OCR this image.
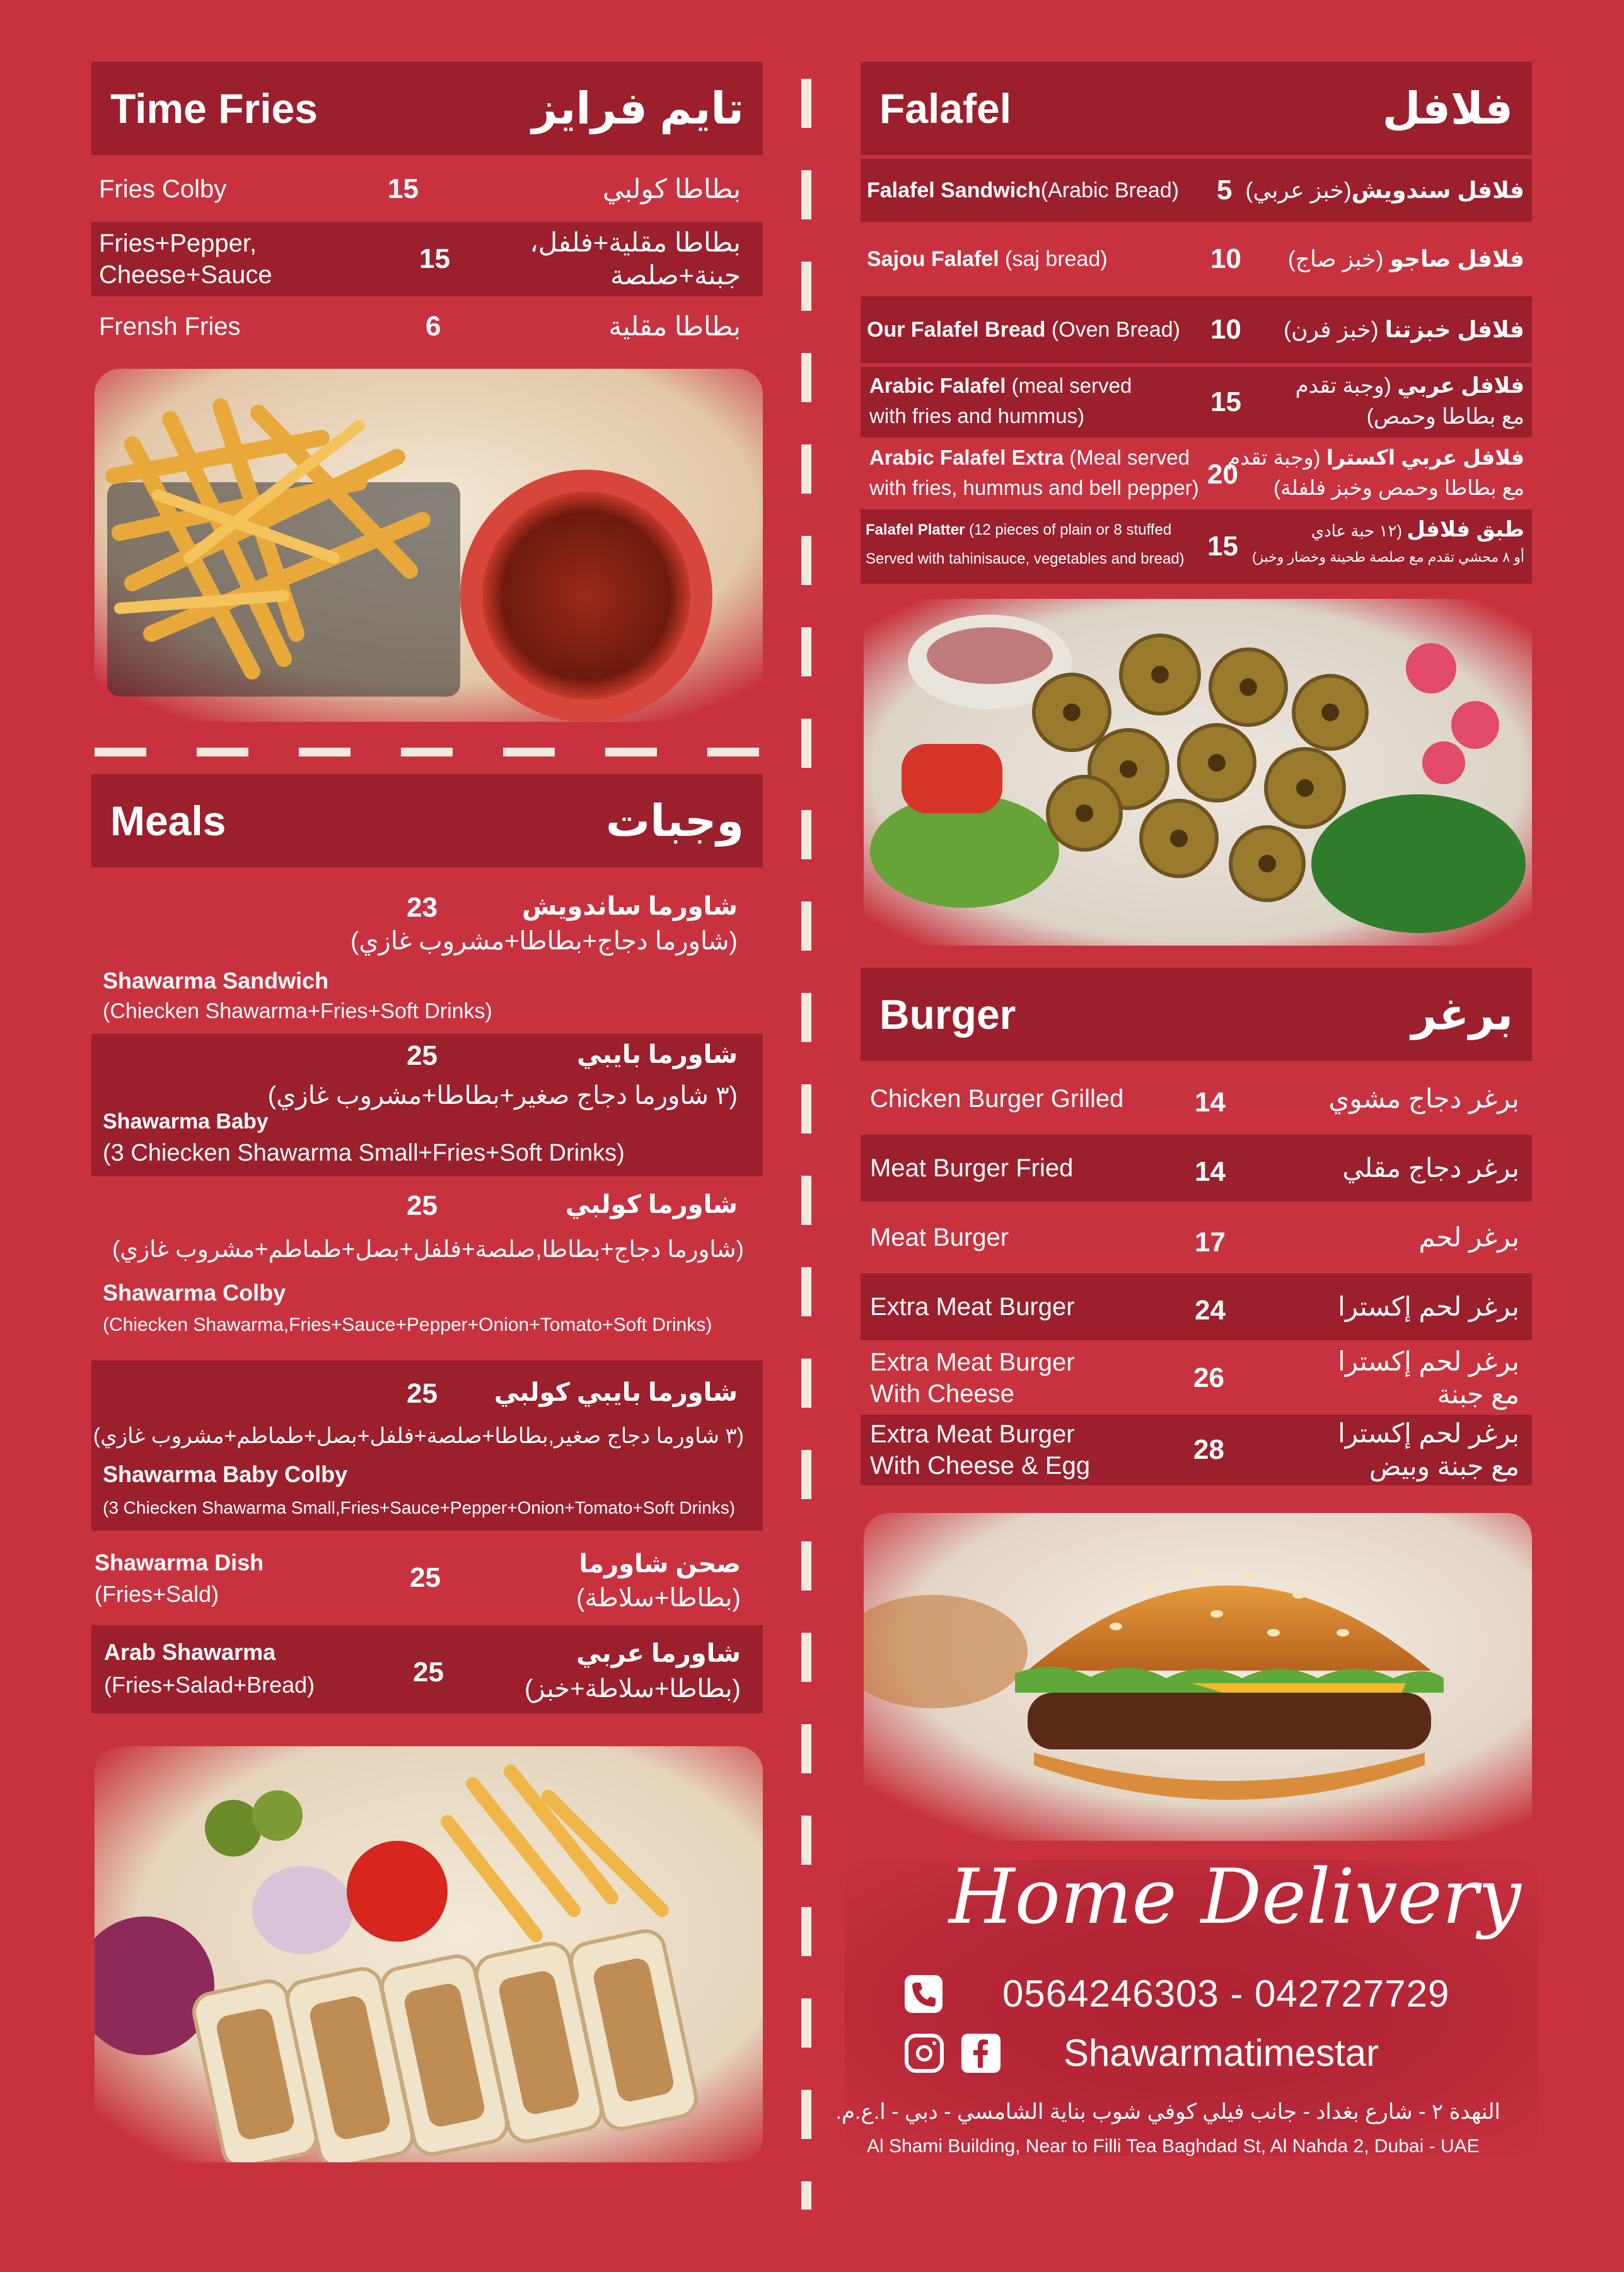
Time Fries	تايم فرايز
Fries Colby	15	بطاطا كولبي
Fries+Pepper,
Cheese+Sauce
15
بطاطا مقلية+فلفل،
جبنة+صلصة
Frensh Fries	6	بطاطا مقلية
Meals	وجبات
شاورما ساندويش
23
(شاورما دجاج+بطاطا+مشروب غازي)
Shawarma Sandwich
(Chiecken Shawarma+Fries+Soft Drinks)
شاورما بايبي
25
(٣ شاورما دجاج صغير+بطاطا+مشروب غازي)
Shawarma Baby
(3 Chiecken Shawarma Small+Fries+Soft Drinks)
شاورما كولبي
25
(شاورما دجاج+بطاطا,صلصة+فلفل+بصل+طماطم+مشروب غازي)
Shawarma Colby
(Chiecken Shawarma,Fries+Sauce+Pepper+Onion+Tomato+Soft Drinks)
شاورما بايبي كولبي
25
(٣ شاورما دجاج صغير,بطاطا+صلصة+فلفل+بصل+طماطم+مشروب غازي)
Shawarma Baby Colby
(3 Chiecken Shawarma Small,Fries+Sauce+Pepper+Onion+Tomato+Soft Drinks)
Shawarma Dish
(Fries+Sald)
25	صحن شاورما
(بطاطا+سلاطة)
Arab Shawarma
(Fries+Salad+Bread)	25
شاورما عربي
(بطاطا+سلاطة+خبز)
Falafel	فلافل
Falafel Sandwich(Arabic Bread) 5	فلافل سندويش(خبز عربي)
Sajou Falafel (saj bread)	10	فلافل صاجو (خبز صاج)
Our Falafel Bread (Oven Bread) 10	فلافل خبزتنا (خبز فرن)
Arabic Falafel (meal served
with fries and hummus)	15
فلافل عربي (وجبة تقدم
مع بطاطا وحمص)
Arabic Falafel Extra (Meal served
with fries, hummus and bell pepper) 20
فلافل عربي اكسترا (وجبة تقدم
مع بطاطا وحمص وخبز فلفلة)
Falafel Platter (12 pieces of plain or 8 stuffed
Served with tahinisauce, vegetables and bread) 15
طبق فلافل (١٢ حبة عادي
أو ٨ محشي تقدم مع صلصة طحينة وخضار وخبز)
Burger	برغر
Chicken Burger Grilled	14	برغر دجاج مشوي
Meat Burger Fried	14	برغر دجاج مقلي
Meat Burger	17	برغر لحم
Extra Meat Burger	24	برغر لحم إكسترا
Extra Meat Burger
With Cheese
26
برغر لحم إكسترا
مع جبنة
Extra Meat Burger
With Cheese & Egg
28
برغر لحم إكسترا
مع جبنة وبيض
Home Delivery
0564246303 - 042727729
Shawarmatimestar
النهدة ٢ - شارع بغداد - جانب فيلي كوفي شوب بناية الشامسي - دبي - ا.ع.م.
Al Shami Building, Near to Filli Tea Baghdad St, Al Nahda 2, Dubai - UAE
